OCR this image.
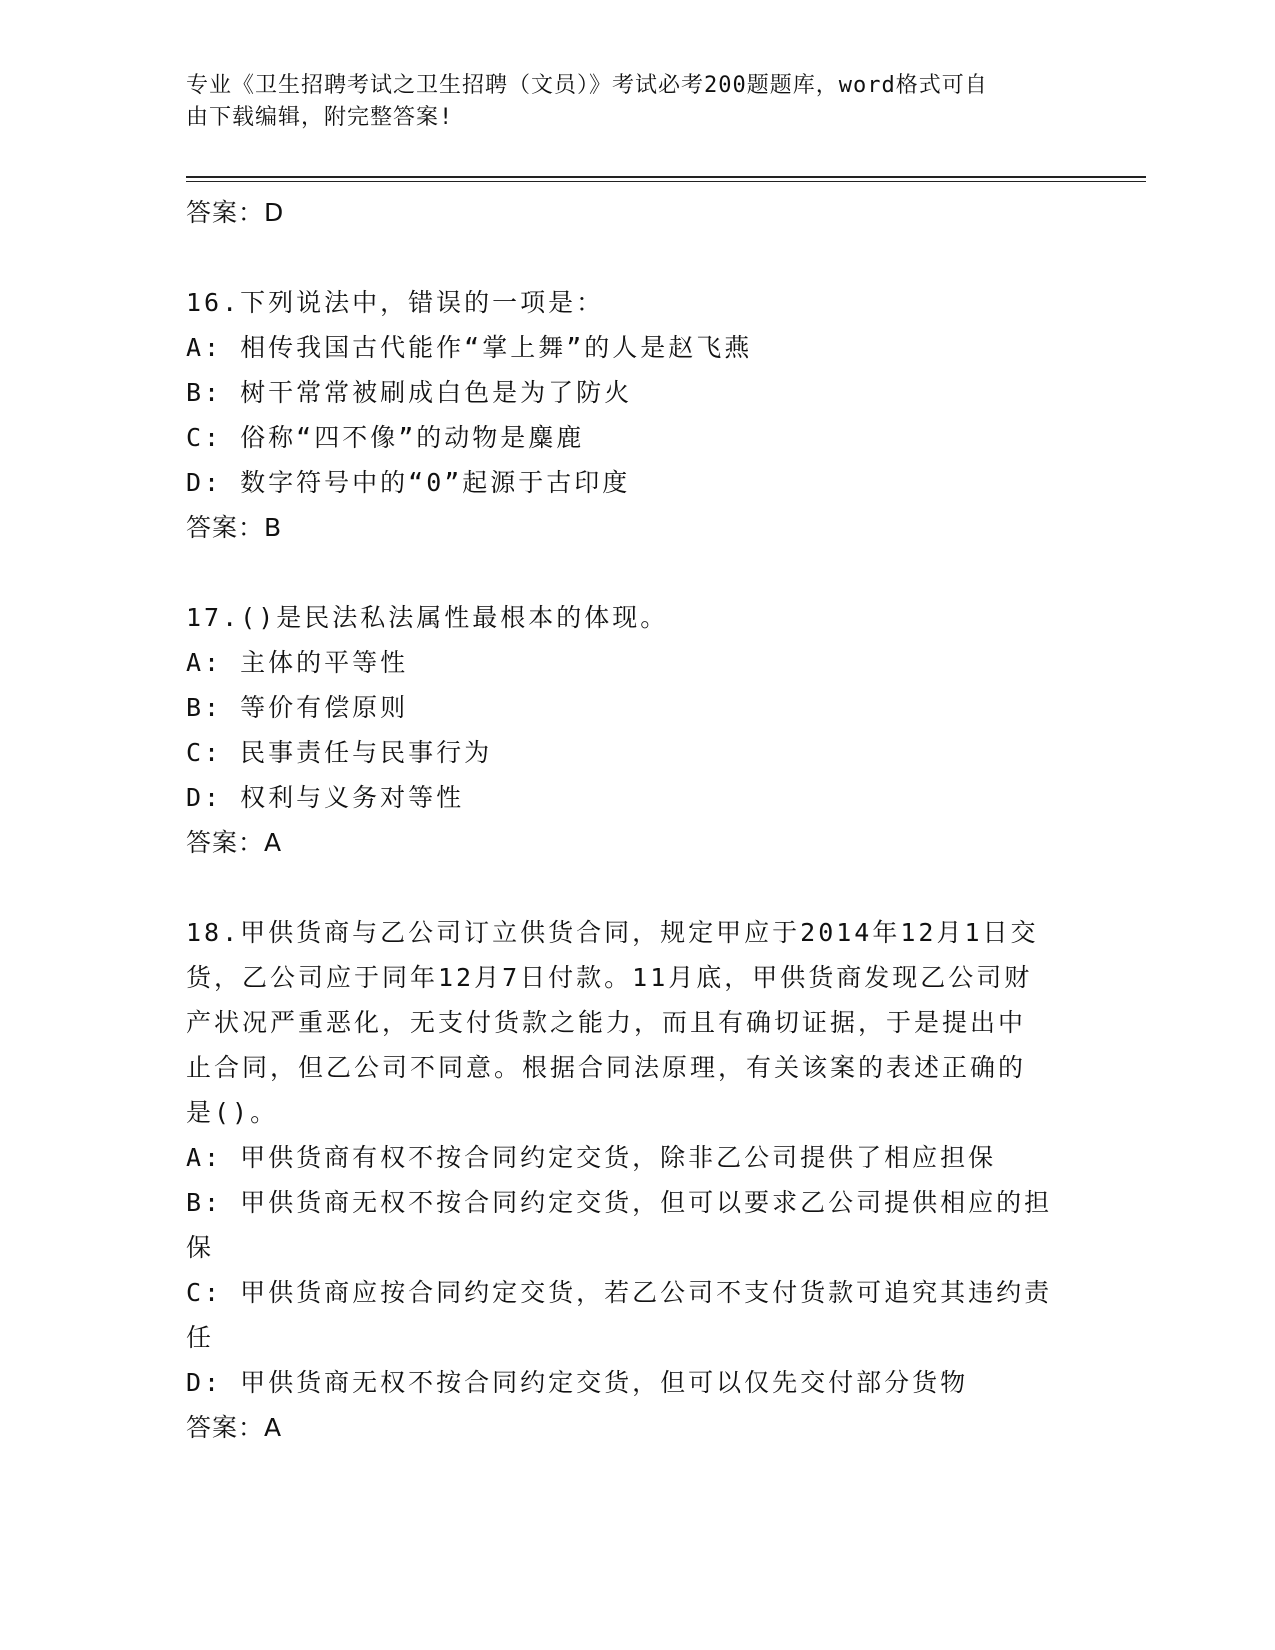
专业《卫生招聘考试之卫生招聘（文员）》考试必考200题题库，word格式可自
由下载编辑，附完整答案!
答案：D
16.下列说法中，错误的一项是：
A: 相传我国古代能作“掌上舞”的人是赵飞燕
B: 树干常常被刷成白色是为了防火
C: 俗称“四不像”的动物是麋鹿
D: 数字符号中的“0”起源于古印度
答案：B
17.()是民法私法属性最根本的体现。
A: 主体的平等性
B: 等价有偿原则
C: 民事责任与民事行为
D: 权利与义务对等性
答案：A
18.甲供货商与乙公司订立供货合同，规定甲应于2014年12月1日交
货，乙公司应于同年12月7日付款。11月底，甲供货商发现乙公司财
产状况严重恶化，无支付货款之能力，而且有确切证据，于是提出中
止合同，但乙公司不同意。根据合同法原理，有关该案的表述正确的
是()。
A: 甲供货商有权不按合同约定交货，除非乙公司提供了相应担保
B: 甲供货商无权不按合同约定交货，但可以要求乙公司提供相应的担
保
C: 甲供货商应按合同约定交货，若乙公司不支付货款可追究其违约责
任
D: 甲供货商无权不按合同约定交货，但可以仅先交付部分货物
答案：A
